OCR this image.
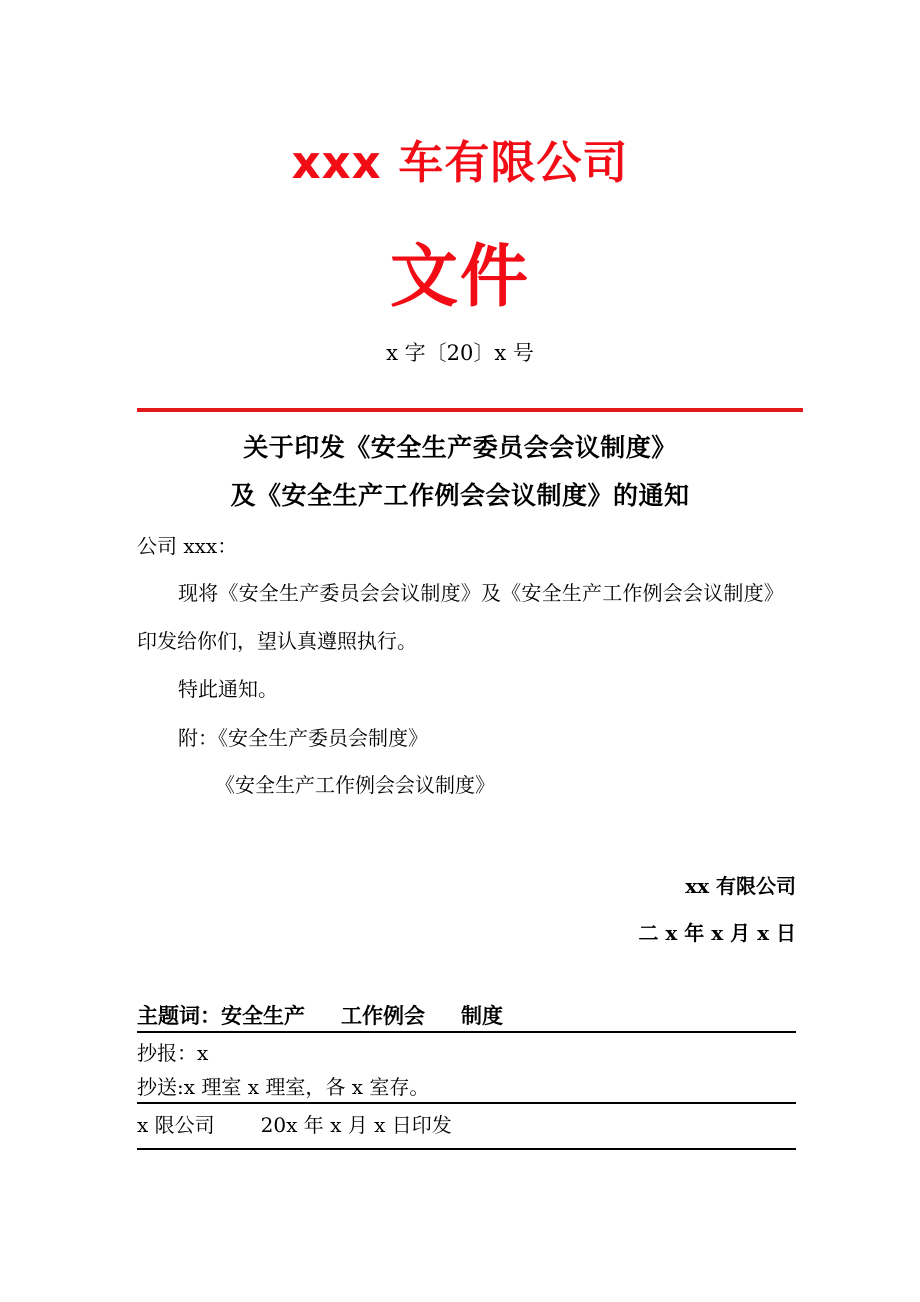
xxx 车有限公司
文件
x 字〔20〕x 号
关于印发《安全生产委员会会议制度》
及《安全生产工作例会会议制度》的通知
公司 xxx：
现将《安全生产委员会会议制度》及《安全生产工作例会会议制度》
印发给你们，望认真遵照执行。
特此通知。
附：《安全生产委员会制度》
《安全生产工作例会会议制度》
xx 有限公司
二 x 年 x 月 x 日
主题词：安全生产 工作例会 制度
抄报：x
抄送:x 理室 x 理室，各 x 室存。
x 限公司 20x 年 x 月 x 日印发
